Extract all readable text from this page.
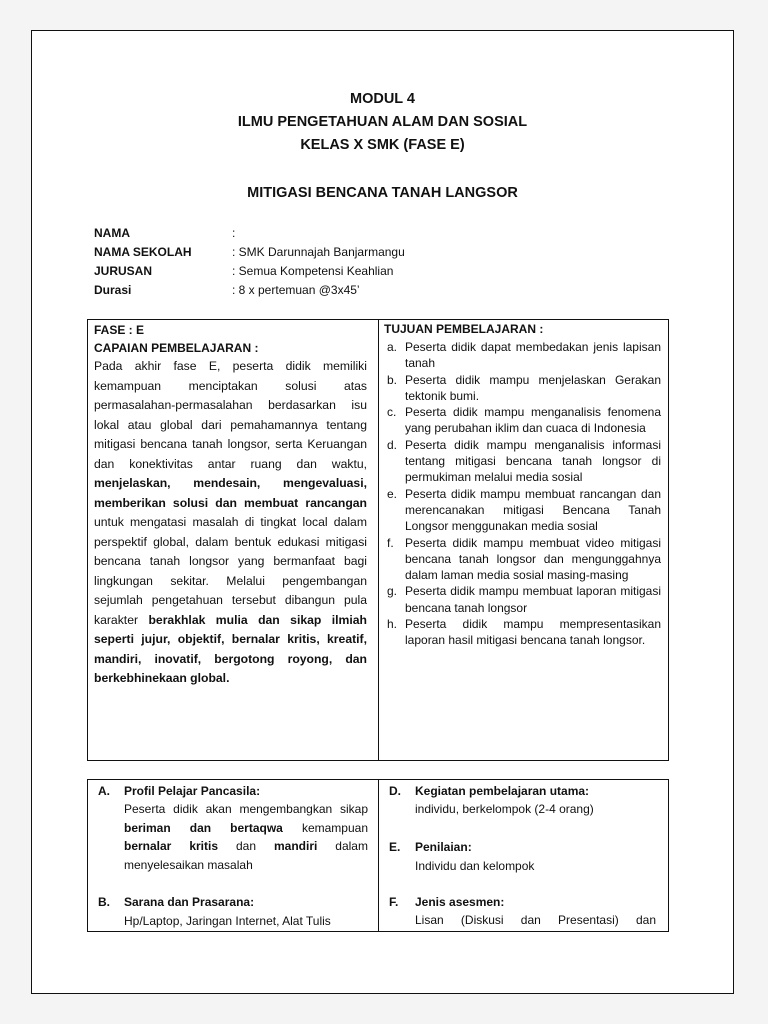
MODUL 4
ILMU PENGETAHUAN ALAM DAN SOSIAL
KELAS X SMK (FASE E)
MITIGASI BENCANA TANAH LANGSOR
NAMA	:
NAMA SEKOLAH	: SMK Darunnajah Banjarmangu
JURUSAN	: Semua Kompetensi Keahlian
Durasi	: 8 x pertemuan @3x45’
FASE : E
CAPAIAN PEMBELAJARAN :
Pada akhir fase E, peserta didik memiliki kemampuan menciptakan solusi atas permasalahan-permasalahan berdasarkan isu lokal atau global dari pemahamannya tentang mitigasi bencana tanah longsor, serta Keruangan dan konektivitas antar ruang dan waktu, menjelaskan, mendesain, mengevaluasi, memberikan solusi dan membuat rancangan untuk mengatasi masalah di tingkat local dalam perspektif global, dalam bentuk edukasi mitigasi bencana tanah longsor yang bermanfaat bagi lingkungan sekitar. Melalui pengembangan sejumlah pengetahuan tersebut dibangun pula karakter berakhlak mulia dan sikap ilmiah seperti jujur, objektif, bernalar kritis, kreatif, mandiri, inovatif, bergotong royong, dan berkebhinekaan global.
TUJUAN PEMBELAJARAN :
a. Peserta didik dapat membedakan jenis lapisan tanah
b. Peserta didik mampu menjelaskan Gerakan tektonik bumi.
c. Peserta didik mampu menganalisis fenomena yang perubahan iklim dan cuaca di Indonesia
d. Peserta didik mampu menganalisis informasi tentang mitigasi bencana tanah longsor di permukiman melalui media sosial
e. Peserta didik mampu membuat rancangan dan merencanakan mitigasi Bencana Tanah Longsor menggunakan media sosial
f. Peserta didik mampu membuat video mitigasi bencana tanah longsor dan mengunggahnya dalam laman media sosial masing-masing
g. Peserta didik mampu membuat laporan mitigasi bencana tanah longsor
h. Peserta didik mampu mempresentasikan laporan hasil mitigasi bencana tanah longsor.
A. Profil Pelajar Pancasila:
Peserta didik akan mengembangkan sikap beriman dan bertaqwa kemampuan bernalar kritis dan mandiri dalam menyelesaikan masalah
B. Sarana dan Prasarana:
Hp/Laptop, Jaringan Internet, Alat Tulis
D. Kegiatan pembelajaran utama:
individu, berkelompok (2-4 orang)
E. Penilaian:
Individu dan kelompok
F. Jenis asesmen:
Lisan (Diskusi dan Presentasi) dan
